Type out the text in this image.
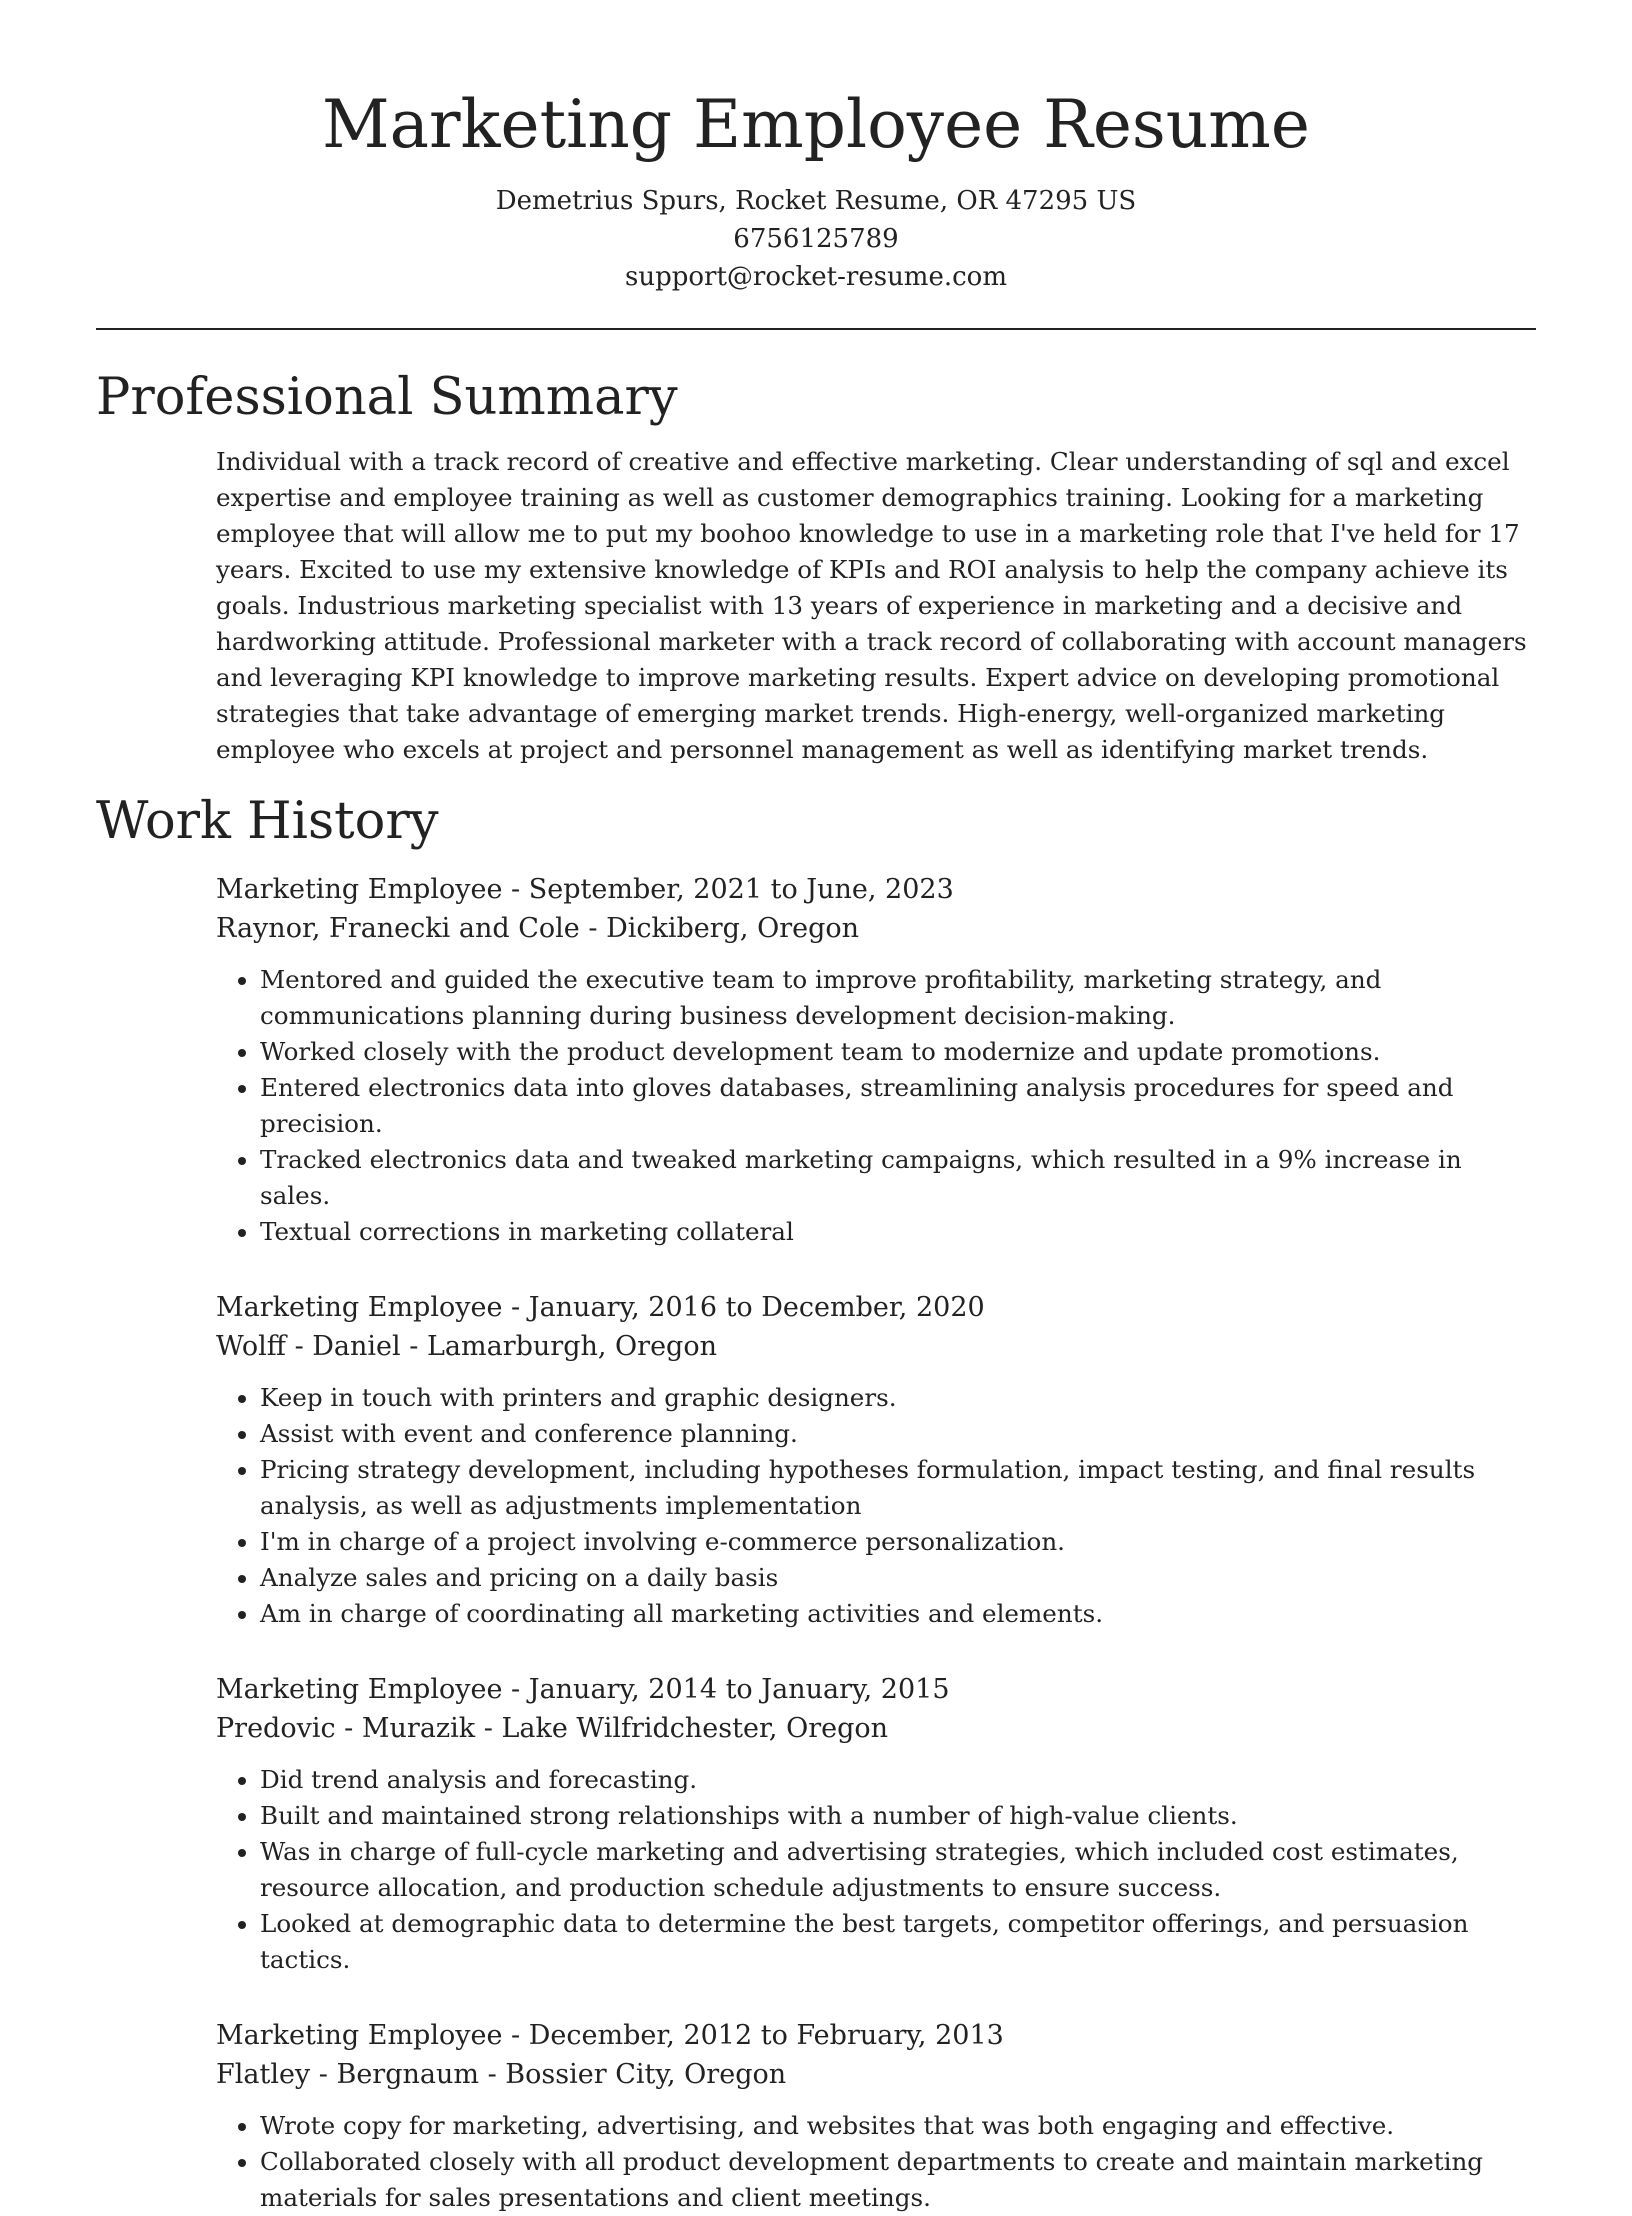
Marketing Employee Resume
Demetrius Spurs, Rocket Resume, OR 47295 US
6756125789
support@rocket-resume.com
Professional Summary

Individual with a track record of creative and effective marketing. Clear understanding of sql and excel expertise and employee training as well as customer demographics training. Looking for a marketing employee that will allow me to put my boohoo knowledge to use in a marketing role that I've held for 17 years. Excited to use my extensive knowledge of KPIs and ROI analysis to help the company achieve its goals. Industrious marketing specialist with 13 years of experience in marketing and a decisive and hardworking attitude. Professional marketer with a track record of collaborating with account managers and leveraging KPI knowledge to improve marketing results. Expert advice on developing promotional strategies that take advantage of emerging market trends. High-energy, well-organized marketing employee who excels at project and personnel management as well as identifying market trends.

Work History
Marketing Employee - September, 2021 to June, 2023
Raynor, Franecki and Cole - Dickiberg, Oregon
• Mentored and guided the executive team to improve profitability, marketing strategy, and communications planning during business development decision-making.
• Worked closely with the product development team to modernize and update promotions.
• Entered electronics data into gloves databases, streamlining analysis procedures for speed and precision.
• Tracked electronics data and tweaked marketing campaigns, which resulted in a 9% increase in sales.
• Textual corrections in marketing collateral
Marketing Employee - January, 2016 to December, 2020
Wolff - Daniel - Lamarburgh, Oregon
• Keep in touch with printers and graphic designers.
• Assist with event and conference planning.
• Pricing strategy development, including hypotheses formulation, impact testing, and final results analysis, as well as adjustments implementation
• I'm in charge of a project involving e-commerce personalization.
• Analyze sales and pricing on a daily basis
• Am in charge of coordinating all marketing activities and elements.
Marketing Employee - January, 2014 to January, 2015
Predovic - Murazik - Lake Wilfridchester, Oregon
• Did trend analysis and forecasting.
• Built and maintained strong relationships with a number of high-value clients.
• Was in charge of full-cycle marketing and advertising strategies, which included cost estimates, resource allocation, and production schedule adjustments to ensure success.
• Looked at demographic data to determine the best targets, competitor offerings, and persuasion tactics.
Marketing Employee - December, 2012 to February, 2013
Flatley - Bergnaum - Bossier City, Oregon
• Wrote copy for marketing, advertising, and websites that was both engaging and effective.
• Collaborated closely with all product development departments to create and maintain marketing materials for sales presentations and client meetings.
